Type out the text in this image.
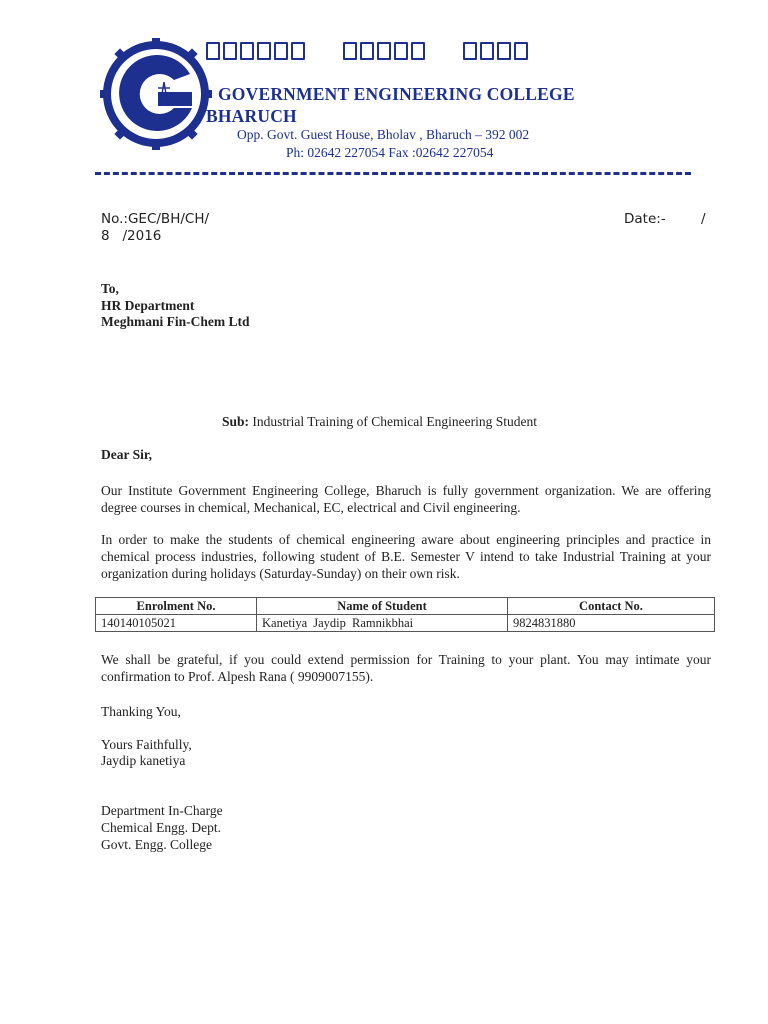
GOVERNMENT ENGINEERING COLLEGE
BHARUCH
Opp. Govt. Guest House, Bholav , Bharuch – 392 002
Ph: 02642 227054 Fax :02642 227054
No.:GEC/BH/CH/	Date:-	/
8   /2016
To,
HR Department
Meghmani Fin-Chem Ltd
Sub: Industrial Training of Chemical Engineering Student
Dear Sir,

Our Institute Government Engineering College, Bharuch is fully government organization. We are offering degree courses in chemical, Mechanical, EC, electrical and Civil engineering.

In order to make the students of chemical engineering aware about engineering principles and practice in chemical process industries, following student of B.E. Semester V intend to take Industrial Training at your organization during holidays (Saturday-Sunday) on their own risk.

Enrolment No.	Name of Student	Contact No.
140140105021	Kanetiya Jaydip Ramnikbhai	9824831880

We shall be grateful, if you could extend permission for Training to your plant. You may intimate your confirmation to Prof. Alpesh Rana ( 9909007155).

Thanking You,
Yours Faithfully,
Jaydip kanetiya
Department In-Charge
Chemical Engg. Dept.
Govt. Engg. College
